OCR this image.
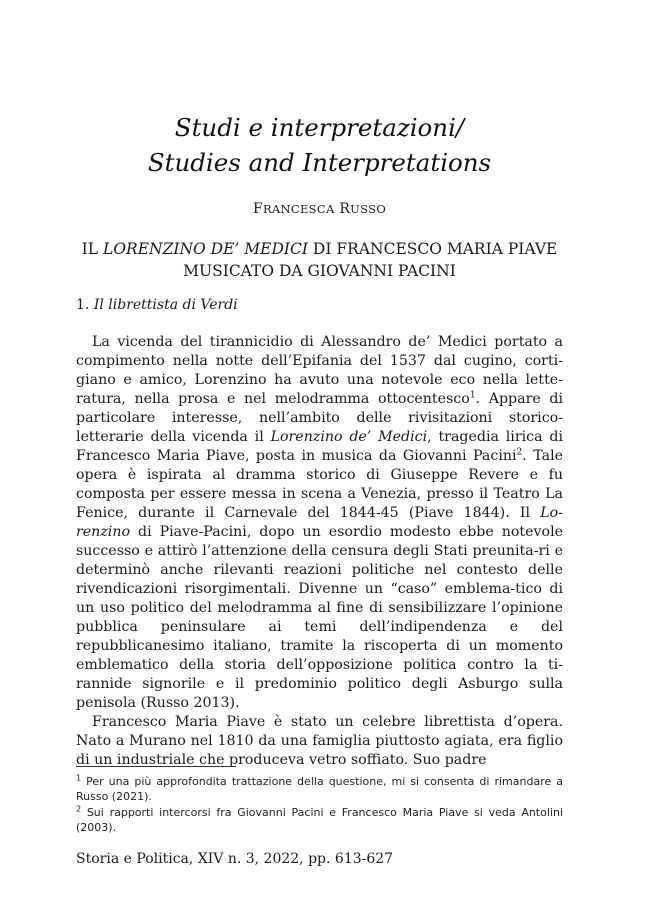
Studi e interpretazioni/
Studies and Interpretations
FRANCESCA RUSSO
IL LORENZINO DE’ MEDICI DI FRANCESCO MARIA PIAVE
MUSICATO DA GIOVANNI PACINI
1. Il librettista di Verdi

La vicenda del tirannicidio di Alessandro de’ Medici portato a compimento nella notte dell’Epifania del 1537 dal cugino, corti-giano e amico, Lorenzino ha avuto una notevole eco nella lette-ratura, nella prosa e nel melodramma ottocentesco$^1$. Appare di particolare interesse, nell’ambito delle rivisitazioni storico-letterarie della vicenda il Lorenzino de’ Medici, tragedia lirica di Francesco Maria Piave, posta in musica da Giovanni Pacini$^2$. Tale opera è ispirata al dramma storico di Giuseppe Revere e fu composta per essere messa in scena a Venezia, presso il Teatro La Fenice, durante il Carnevale del 1844-45 (Piave 1844). Il Lo-renzino di Piave-Pacini, dopo un esordio modesto ebbe notevole successo e attirò l’attenzione della censura degli Stati preunita-ri e determinò anche rilevanti reazioni politiche nel contesto delle rivendicazioni risorgimentali. Divenne un “caso” emblema-tico di un uso politico del melodramma al fine di sensibilizzare l’opinione pubblica peninsulare ai temi dell’indipendenza e del repubblicanesimo italiano, tramite la riscoperta di un momento emblematico della storia dell’opposizione politica contro la ti-rannide signorile e il predominio politico degli Asburgo sulla penisola (Russo 2013).

Francesco Maria Piave è stato un celebre librettista d’opera. Nato a Murano nel 1810 da una famiglia piuttosto agiata, era figlio di un industriale che produceva vetro soffiato. Suo padre

$^1$ Per una più approfondita trattazione della questione, mi si consenta di rimandare a Russo (2021).
$^2$ Sui rapporti intercorsi fra Giovanni Pacini e Francesco Maria Piave si veda Antolini (2003).
Storia e Politica, XIV n. 3, 2022, pp. 613-627
